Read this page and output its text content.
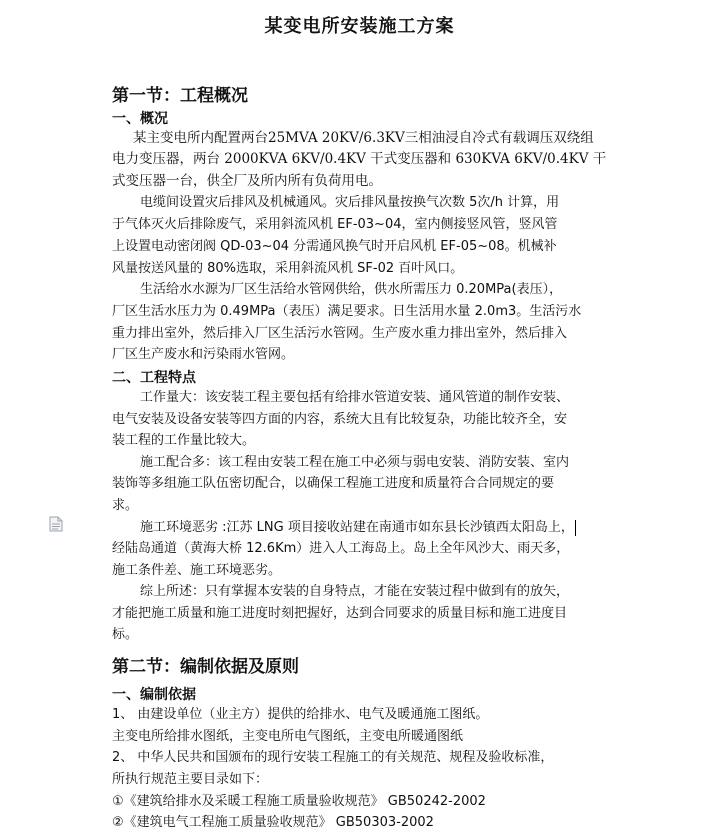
某变电所安装施工方案
第一节：工程概况
一、概况
某主变电所内配置两台25MVA 20KV/6.3KV三相油浸自冷式有载调压双绕组
电力变压器，两台 2000KVA 6KV/0.4KV 干式变压器和 630KVA 6KV/0.4KV 干
式变压器一台，供全厂及所内所有负荷用电。
电缆间设置灾后排风及机械通风。灾后排风量按换气次数 5次/h 计算，用
于气体灭火后排除废气，采用斜流风机 EF-03~04，室内侧接竖风管，竖风管
上设置电动密闭阀 QD-03~04 分需通风换气时开启风机 EF-05~08。机械补
风量按送风量的 80%选取，采用斜流风机 SF-02 百叶风口。
生活给水水源为厂区生活给水管网供给，供水所需压力 0.20MPa(表压），
厂区生活水压力为 0.49MPa（表压）满足要求。日生活用水量 2.0m3。生活污水
重力排出室外，然后排入厂区生活污水管网。生产废水重力排出室外，然后排入
厂区生产废水和污染雨水管网。
二、工程特点
工作量大：该安装工程主要包括有给排水管道安装、通风管道的制作安装、
电气安装及设备安装等四方面的内容，系统大且有比较复杂，功能比较齐全，安
装工程的工作量比较大。
施工配合多：该工程由安装工程在施工中必须与弱电安装、消防安装、室内
装饰等多组施工队伍密切配合，以确保工程施工进度和质量符合合同规定的要
求。
施工环境恶劣 :江苏 LNG 项目接收站建在南通市如东县长沙镇西太阳岛上，
经陆岛通道（黄海大桥 12.6Km）进入人工海岛上。岛上全年风沙大、雨天多，
施工条件差、施工环境恶劣。
综上所述：只有掌握本安装的自身特点，才能在安装过程中做到有的放矢，
才能把施工质量和施工进度时刻把握好，达到合同要求的质量目标和施工进度目
标。
第二节：编制依据及原则
一、编制依据
1、 由建设单位（业主方）提供的给排水、电气及暖通施工图纸。
主变电所给排水图纸，主变电所电气图纸，主变电所暖通图纸
2、 中华人民共和国颁布的现行安装工程施工的有关规范、规程及验收标准，
所执行规范主要目录如下：
①《建筑给排水及采暖工程施工质量验收规范》 GB50242-2002
②《建筑电气工程施工质量验收规范》 GB50303-2002
